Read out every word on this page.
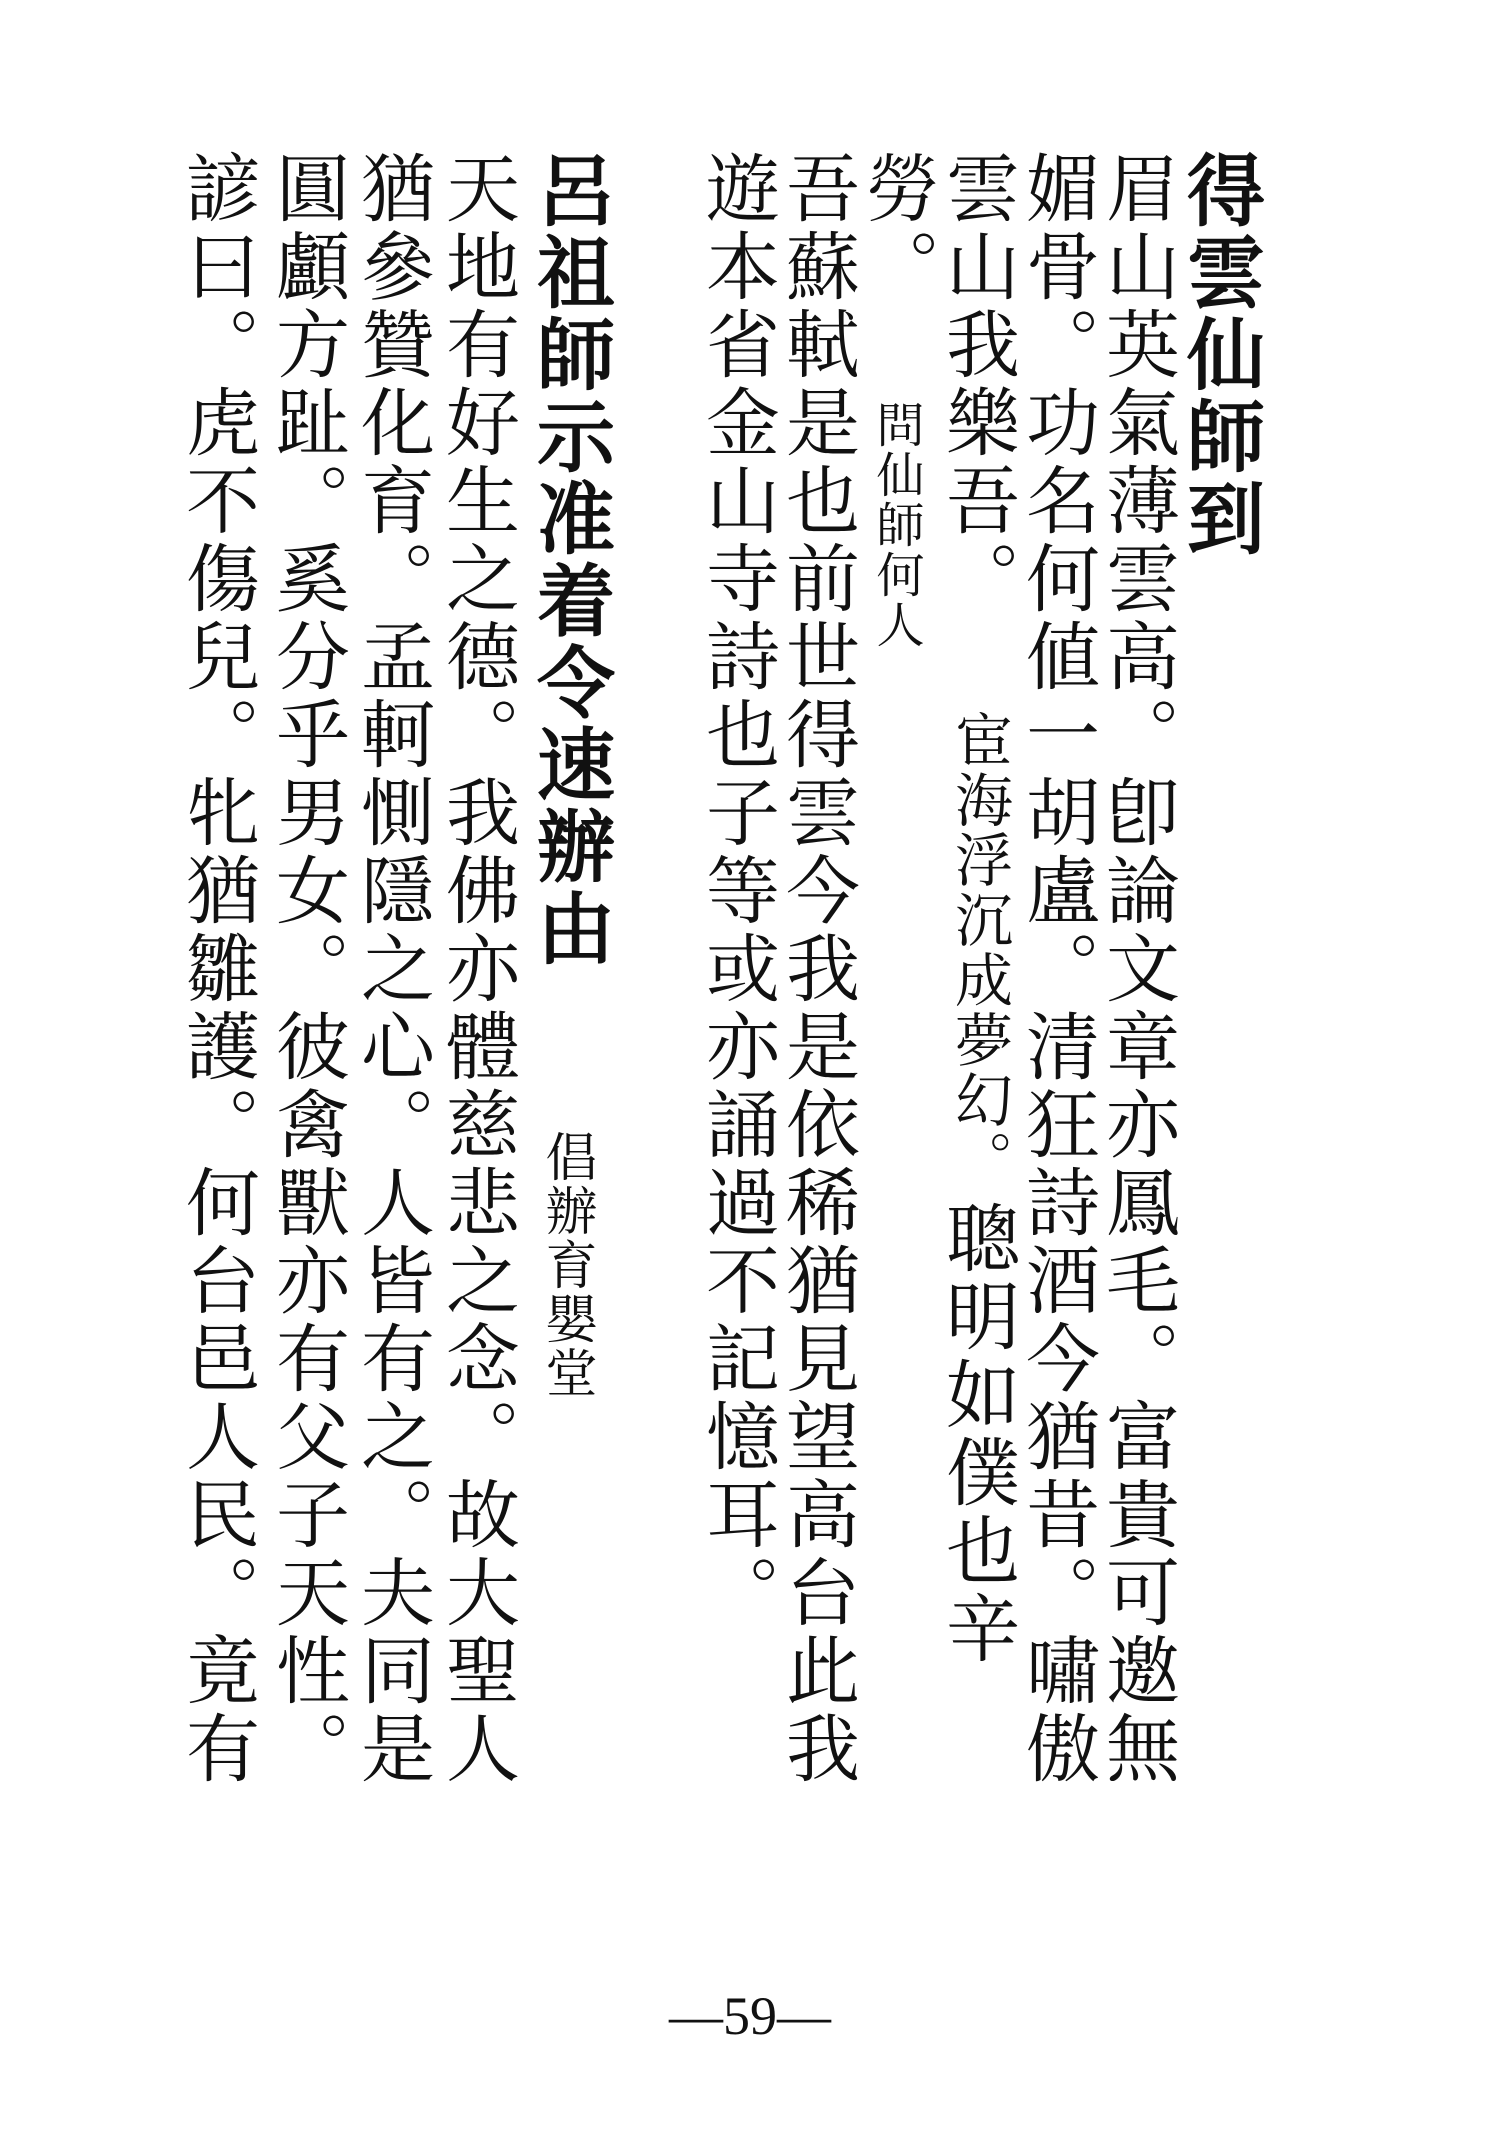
得雲仙師到
眉山英氣薄雲高。卽論文章亦鳳毛。富貴可邀無
媚骨。功名何値一胡盧。清狂詩酒今猶昔。嘯傲
雲山我樂吾。
宦海浮沉成夢幻。
聰明如僕也辛
勞。
問仙師何人
吾蘇軾是也前世得雲今我是依稀猶見望高台此我
遊本省金山寺詩也子等或亦誦過不記憶耳。
呂祖師示准着令速辦由
倡辦育嬰堂
天地有好生之德。我佛亦體慈悲之念。故大聖人
猶參贊化育。孟軻惻隱之心。人皆有之。夫同是
圓顱方趾。奚分乎男女。彼禽獸亦有父子天性。
諺曰。虎不傷兒。牝猶雛護。何台邑人民。竟有
—59—
